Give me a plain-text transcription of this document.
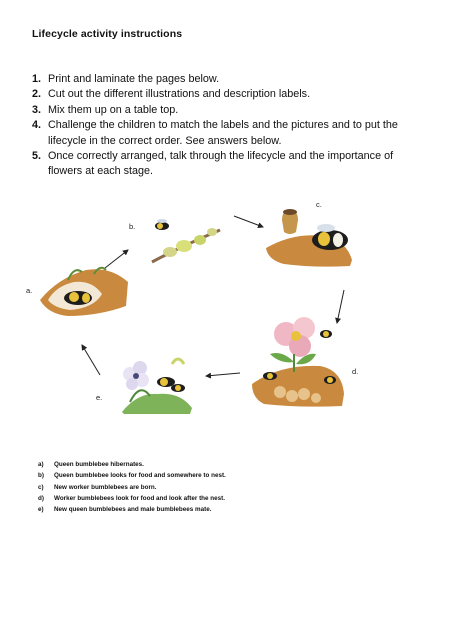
Lifecycle activity instructions
1. Print and laminate the pages below.
2. Cut out the different illustrations and description labels.
3. Mix them up on a table top.
4. Challenge the children to match the labels and the pictures and to put the lifecycle in the correct order. See answers below.
5. Once correctly arranged, talk through the lifecycle and the importance of flowers at each stage.
a.
b.
c.
d.
e.
a) Queen bumblebee hibernates.
b) Queen bumblebee looks for food and somewhere to nest.
c) New worker bumblebees are born.
d) Worker bumblebees look for food and look after the nest.
e) New queen bumblebees and male bumblebees mate.
